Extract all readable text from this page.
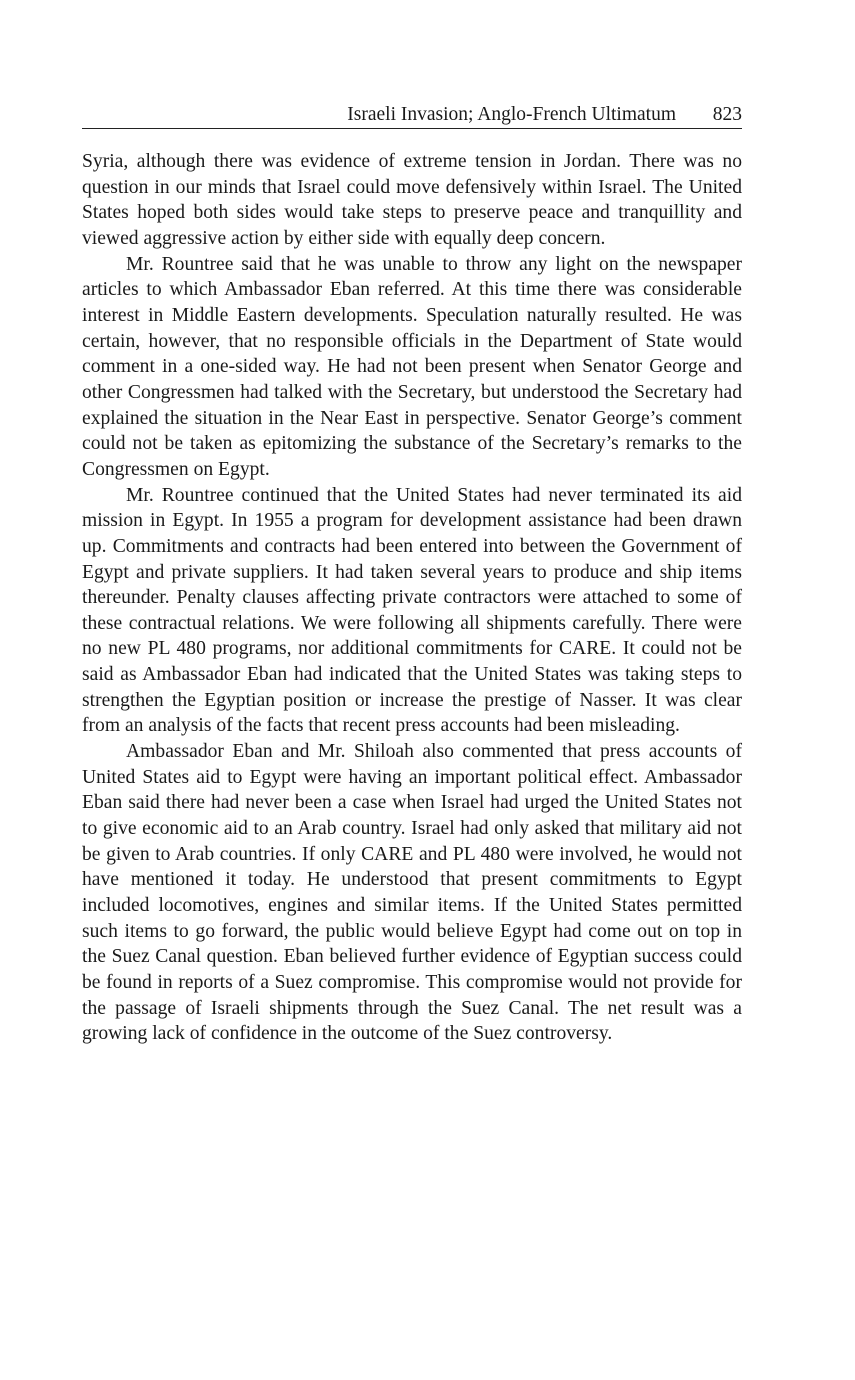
Israeli Invasion; Anglo-French Ultimatum 823

Syria, although there was evidence of extreme tension in Jordan. There was no question in our minds that Israel could move defensively within Israel. The United States hoped both sides would take steps to preserve peace and tranquillity and viewed aggressive action by either side with equally deep concern.

Mr. Rountree said that he was unable to throw any light on the newspaper articles to which Ambassador Eban referred. At this time there was considerable interest in Middle Eastern developments. Speculation naturally resulted. He was certain, however, that no responsible officials in the Department of State would comment in a one-sided way. He had not been present when Senator George and other Congressmen had talked with the Secretary, but understood the Secretary had explained the situation in the Near East in perspective. Senator George’s comment could not be taken as epitomizing the substance of the Secretary’s remarks to the Congressmen on Egypt.

Mr. Rountree continued that the United States had never terminated its aid mission in Egypt. In 1955 a program for development assistance had been drawn up. Commitments and contracts had been entered into between the Government of Egypt and private suppliers. It had taken several years to produce and ship items thereunder. Penalty clauses affecting private contractors were attached to some of these contractual relations. We were following all shipments carefully. There were no new PL 480 programs, nor additional commitments for CARE. It could not be said as Ambassador Eban had indicated that the United States was taking steps to strengthen the Egyptian position or increase the prestige of Nasser. It was clear from an analysis of the facts that recent press accounts had been misleading.

Ambassador Eban and Mr. Shiloah also commented that press accounts of United States aid to Egypt were having an important political effect. Ambassador Eban said there had never been a case when Israel had urged the United States not to give economic aid to an Arab country. Israel had only asked that military aid not be given to Arab countries. If only CARE and PL 480 were involved, he would not have mentioned it today. He understood that present commitments to Egypt included locomotives, engines and similar items. If the United States permitted such items to go forward, the public would believe Egypt had come out on top in the Suez Canal question. Eban believed further evidence of Egyptian success could be found in reports of a Suez compromise. This compromise would not provide for the passage of Israeli shipments through the Suez Canal. The net result was a growing lack of confidence in the outcome of the Suez controversy.
